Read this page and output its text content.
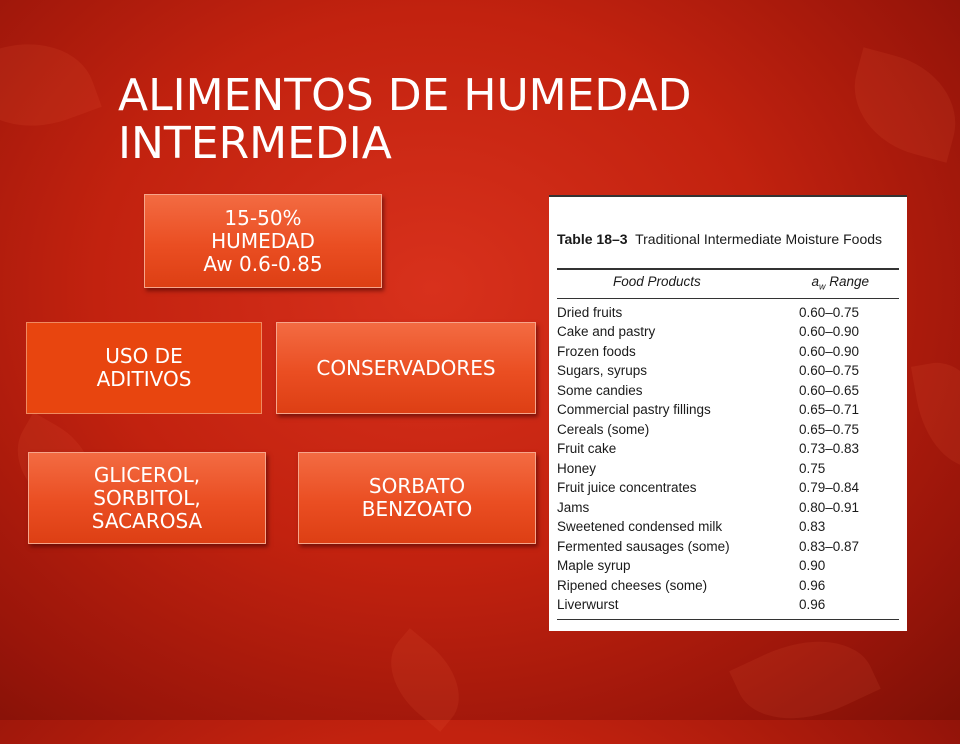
ALIMENTOS DE HUMEDAD
INTERMEDIA
15-50%
HUMEDAD
Aw 0.6-0.85
USO DE
ADITIVOS	CONSERVADORES
GLICEROL,
SORBITOL,
SACAROSA
SORBATO
BENZOATO
Table 18–3 Traditional Intermediate Moisture Foods
Food Products	$a_w$ Range
Dried fruits	0.60–0.75
Cake and pastry	0.60–0.90
Frozen foods	0.60–0.90
Sugars, syrups	0.60–0.75
Some candies	0.60–0.65
Commercial pastry fillings	0.65–0.71
Cereals (some)	0.65–0.75
Fruit cake	0.73–0.83
Honey	0.75
Fruit juice concentrates	0.79–0.84
Jams	0.80–0.91
Sweetened condensed milk	0.83
Fermented sausages (some)	0.83–0.87
Maple syrup	0.90
Ripened cheeses (some)	0.96
Liverwurst	0.96
